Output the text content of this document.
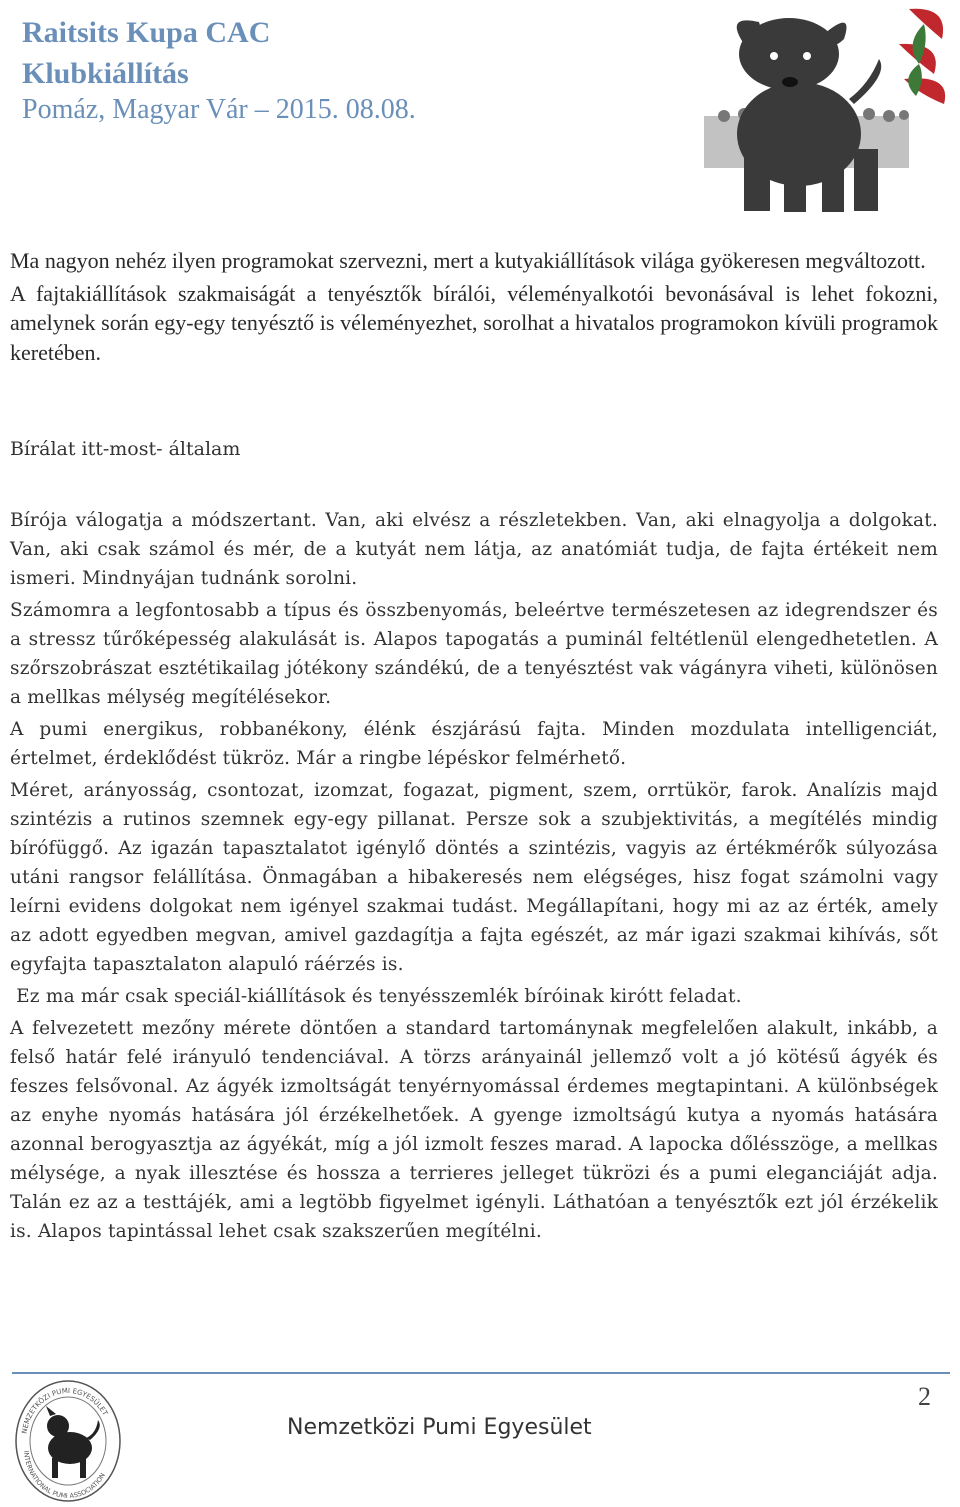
Raitsits Kupa CAC
Klubkiállítás
Pomáz, Magyar Vár – 2015. 08.08.

Ma nagyon nehéz ilyen programokat szervezni, mert a kutyakiállítások világa gyökeresen megváltozott.

A fajtakiállítások szakmaiságát a tenyésztők bírálói, véleményalkotói bevonásával is lehet fokozni, amelynek során egy-egy tenyésztő is véleményezhet, sorolhat a hivatalos programokon kívüli programok keretében.

Bírálat itt-most- általam

Bírója válogatja a módszertant. Van, aki elvész a részletekben. Van, aki elnagyolja a dolgokat. Van, aki csak számol és mér, de a kutyát nem látja, az anatómiát tudja, de fajta értékeit nem ismeri. Mindnyájan tudnánk sorolni.

Számomra a legfontosabb a típus és összbenyomás, beleértve természetesen az idegrendszer és a stressz tűrőképesség alakulását is. Alapos tapogatás a puminál feltétlenül elengedhetetlen. A szőrszobrászat esztétikailag jótékony szándékú, de a tenyésztést vak vágányra viheti, különösen a mellkas mélység megítélésekor.

A pumi energikus, robbanékony, élénk észjárású fajta. Minden mozdulata intelligenciát, értelmet, érdeklődést tükröz. Már a ringbe lépéskor felmérhető.

Méret, arányosság, csontozat, izomzat, fogazat, pigment, szem, orrtükör, farok. Analízis majd szintézis a rutinos szemnek egy-egy pillanat. Persze sok a szubjektivitás, a megítélés mindig bírófüggő. Az igazán tapasztalatot igénylő döntés a szintézis, vagyis az értékmérők súlyozása utáni rangsor felállítása. Önmagában a hibakeresés nem elégséges, hisz fogat számolni vagy leírni evidens dolgokat nem igényel szakmai tudást. Megállapítani, hogy mi az az érték, amely az adott egyedben megvan, amivel gazdagítja a fajta egészét, az már igazi szakmai kihívás, sőt egyfajta tapasztalaton alapuló ráérzés is.

Ez ma már csak speciál-kiállítások és tenyésszemlék bíróinak kirótt feladat.

A felvezetett mezőny mérete döntően a standard tartománynak megfelelően alakult, inkább, a felső határ felé irányuló tendenciával. A törzs arányainál jellemző volt a jó kötésű ágyék és feszes felsővonal. Az ágyék izmoltságát tenyérnyomással érdemes megtapintani. A különbségek az enyhe nyomás hatására jól érzékelhetőek. A gyenge izmoltságú kutya a nyomás hatására azonnal berogyasztja az ágyékát, míg a jól izmolt feszes marad. A lapocka dőlésszöge, a mellkas mélysége, a nyak illesztése és hossza a terrieres jelleget tükrözi és a pumi eleganciáját adja. Talán ez az a testtájék, ami a legtöbb figyelmet igényli. Láthatóan a tenyésztők ezt jól érzékelik is. Alapos tapintással lehet csak szakszerűen megítélni.

NEMZETKÖZI PUMI EGYESÜLET
INTERNATIONAL PUMI ASSOCIATION
Nemzetközi Pumi Egyesület
2
